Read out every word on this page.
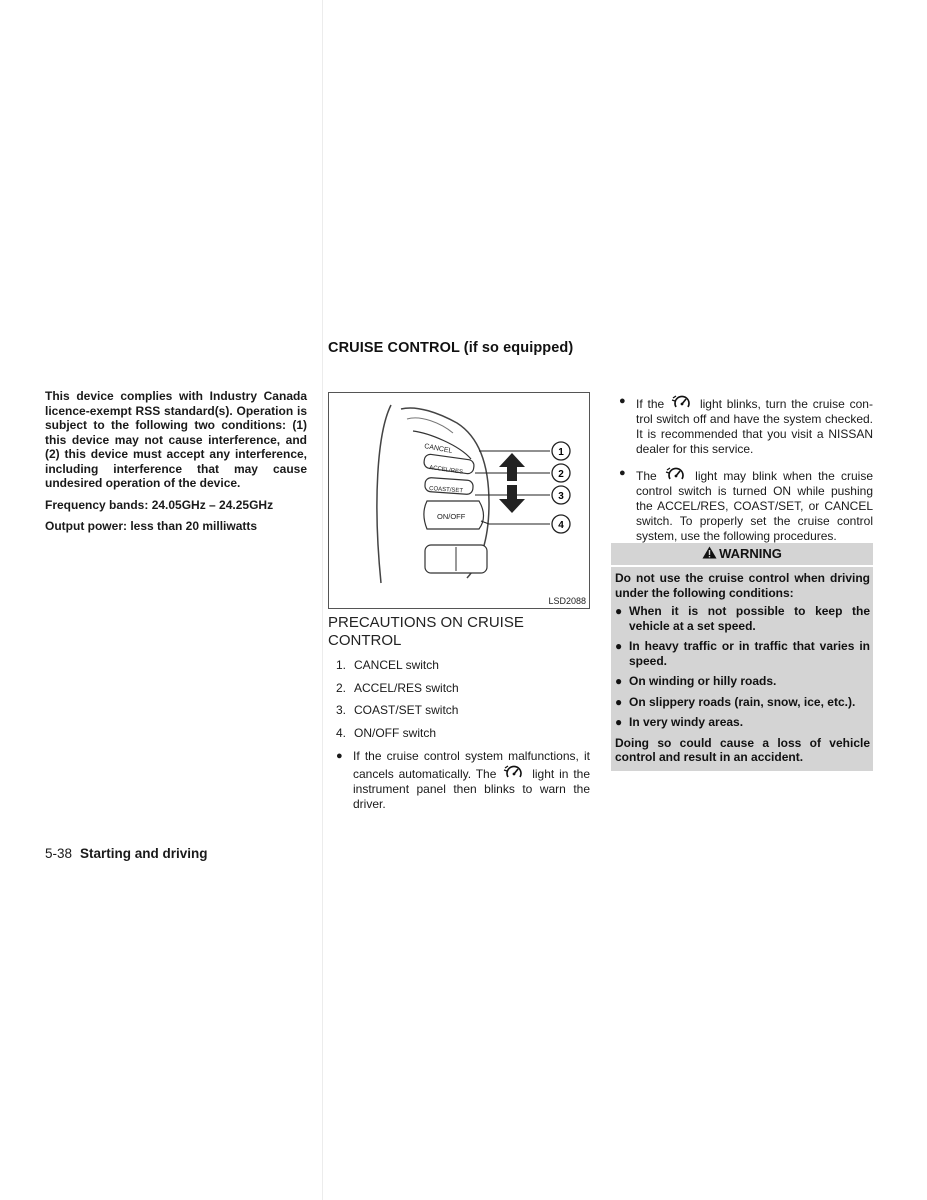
CRUISE CONTROL (if so equipped)

This device complies with Industry Canada licence-exempt RSS standard(s). Operation is subject to the following two conditions: (1) this device may not cause interference, and (2) this device must accept any interference, including interference that may cause undesired operation of the device.

Frequency bands: 24.05GHz – 24.25GHz

Output power: less than 20 milliwatts

CANCEL
ACCEL/RES
COAST/SET
ON/OFF
1
2
3
4
LSD2088
PRECAUTIONS ON CRUISE CONTROL
1. CANCEL switch
2. ACCEL/RES switch
3. COAST/SET switch
4. ON/OFF switch
● If the cruise control system malfunctions, it cancels automatically. The	light in the instrument panel then blinks to warn the driver.
● If the	light blinks, turn the cruise control switch off and have the system checked. It is recommended that you visit a NISSAN dealer for this service.
● The	light may blink when the cruise control switch is turned ON while pushing the ACCEL/RES, COAST/SET, or CANCEL switch. To properly set the cruise control system, use the following procedures.
WARNING

Do not use the cruise control when driving under the following conditions:

● When it is not possible to keep the vehicle at a set speed.
● In heavy traffic or in traffic that varies in speed.
● On winding or hilly roads.
● On slippery roads (rain, snow, ice, etc.).
● In very windy areas.

Doing so could cause a loss of vehicle control and result in an accident.

5-38 Starting and driving
